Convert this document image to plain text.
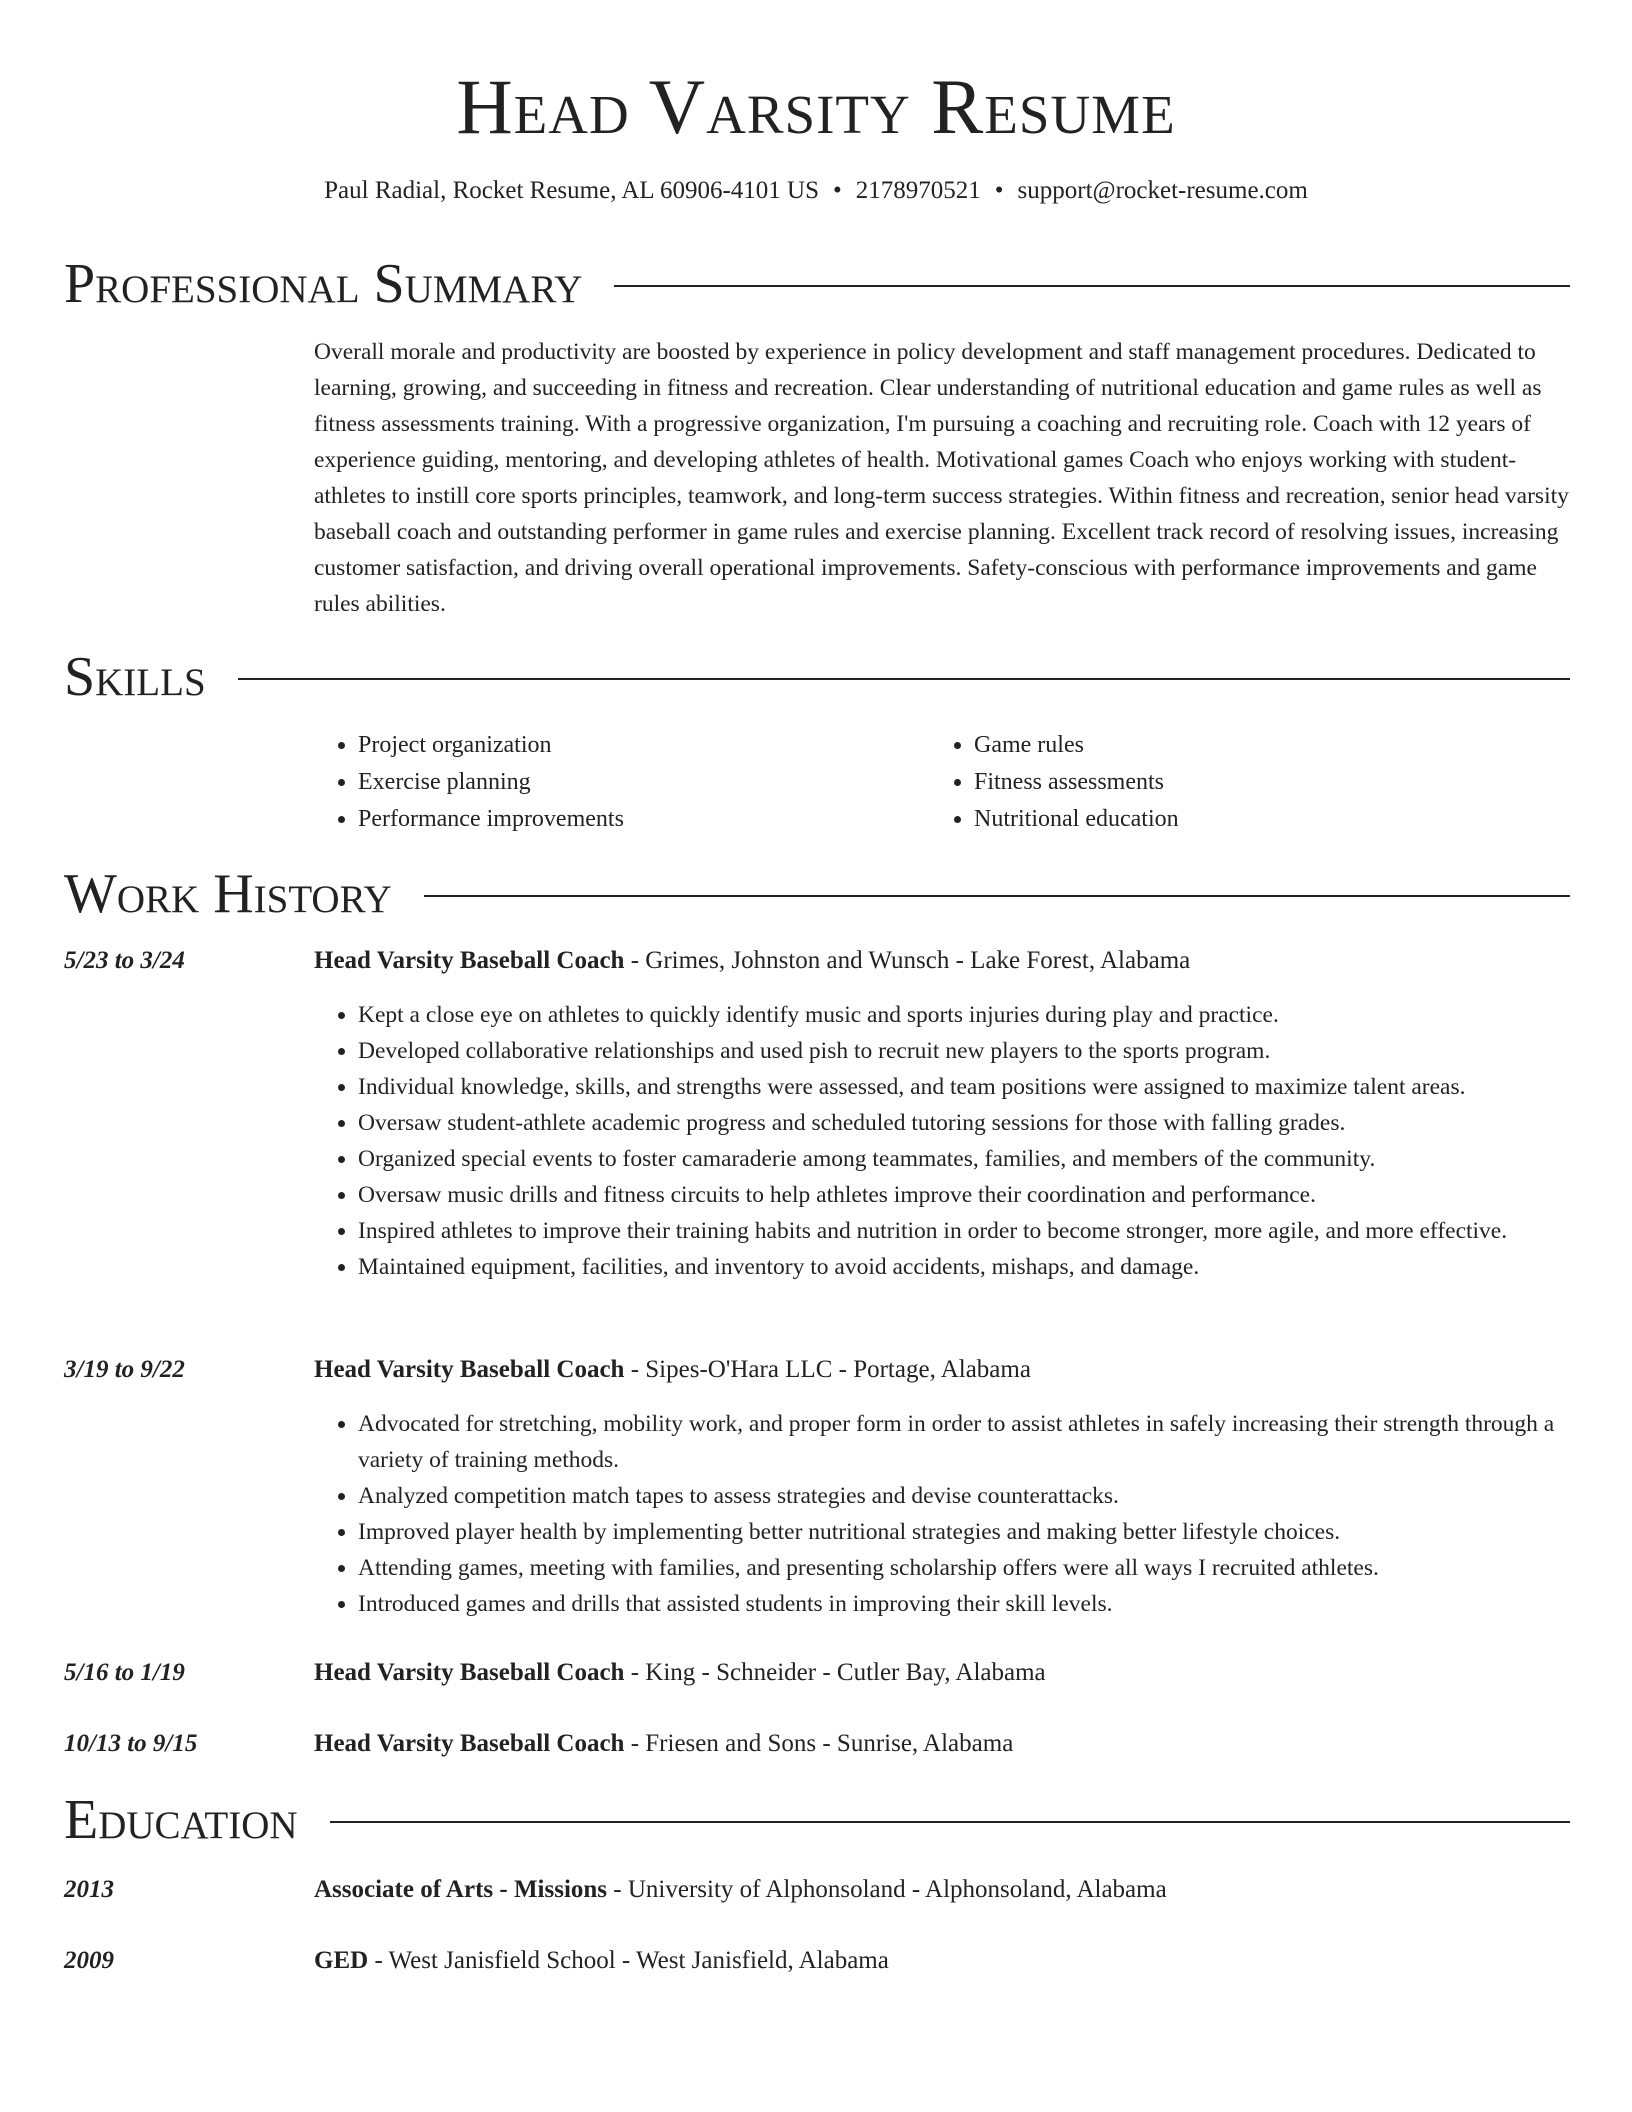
Head Varsity Resume
Paul Radial, Rocket Resume, AL 60906-4101 US • 2178970521 • support@rocket-resume.com
Professional Summary

Overall morale and productivity are boosted by experience in policy development and staff management procedures. Dedicated to learning, growing, and succeeding in fitness and recreation. Clear understanding of nutritional education and game rules as well as fitness assessments training. With a progressive organization, I'm pursuing a coaching and recruiting role. Coach with 12 years of experience guiding, mentoring, and developing athletes of health. Motivational games Coach who enjoys working with student-athletes to instill core sports principles, teamwork, and long-term success strategies. Within fitness and recreation, senior head varsity baseball coach and outstanding performer in game rules and exercise planning. Excellent track record of resolving issues, increasing customer satisfaction, and driving overall operational improvements. Safety-conscious with performance improvements and game rules abilities.

Skills
• Project organization
• Exercise planning
• Performance improvements
• Game rules
• Fitness assessments
• Nutritional education
Work History
5/23 to 3/24	Head Varsity Baseball Coach - Grimes, Johnston and Wunsch - Lake Forest, Alabama
• Kept a close eye on athletes to quickly identify music and sports injuries during play and practice.
• Developed collaborative relationships and used pish to recruit new players to the sports program.
• Individual knowledge, skills, and strengths were assessed, and team positions were assigned to maximize talent areas.
• Oversaw student-athlete academic progress and scheduled tutoring sessions for those with falling grades.
• Organized special events to foster camaraderie among teammates, families, and members of the community.
• Oversaw music drills and fitness circuits to help athletes improve their coordination and performance.
• Inspired athletes to improve their training habits and nutrition in order to become stronger, more agile, and more effective.
• Maintained equipment, facilities, and inventory to avoid accidents, mishaps, and damage.
3/19 to 9/22	Head Varsity Baseball Coach - Sipes-O'Hara LLC - Portage, Alabama
• Advocated for stretching, mobility work, and proper form in order to assist athletes in safely increasing their strength through a variety of training methods.
• Analyzed competition match tapes to assess strategies and devise counterattacks.
• Improved player health by implementing better nutritional strategies and making better lifestyle choices.
• Attending games, meeting with families, and presenting scholarship offers were all ways I recruited athletes.
• Introduced games and drills that assisted students in improving their skill levels.
5/16 to 1/19	Head Varsity Baseball Coach - King - Schneider - Cutler Bay, Alabama
10/13 to 9/15	Head Varsity Baseball Coach - Friesen and Sons - Sunrise, Alabama
Education
2013	Associate of Arts - Missions - University of Alphonsoland - Alphonsoland, Alabama
2009	GED - West Janisfield School - West Janisfield, Alabama
